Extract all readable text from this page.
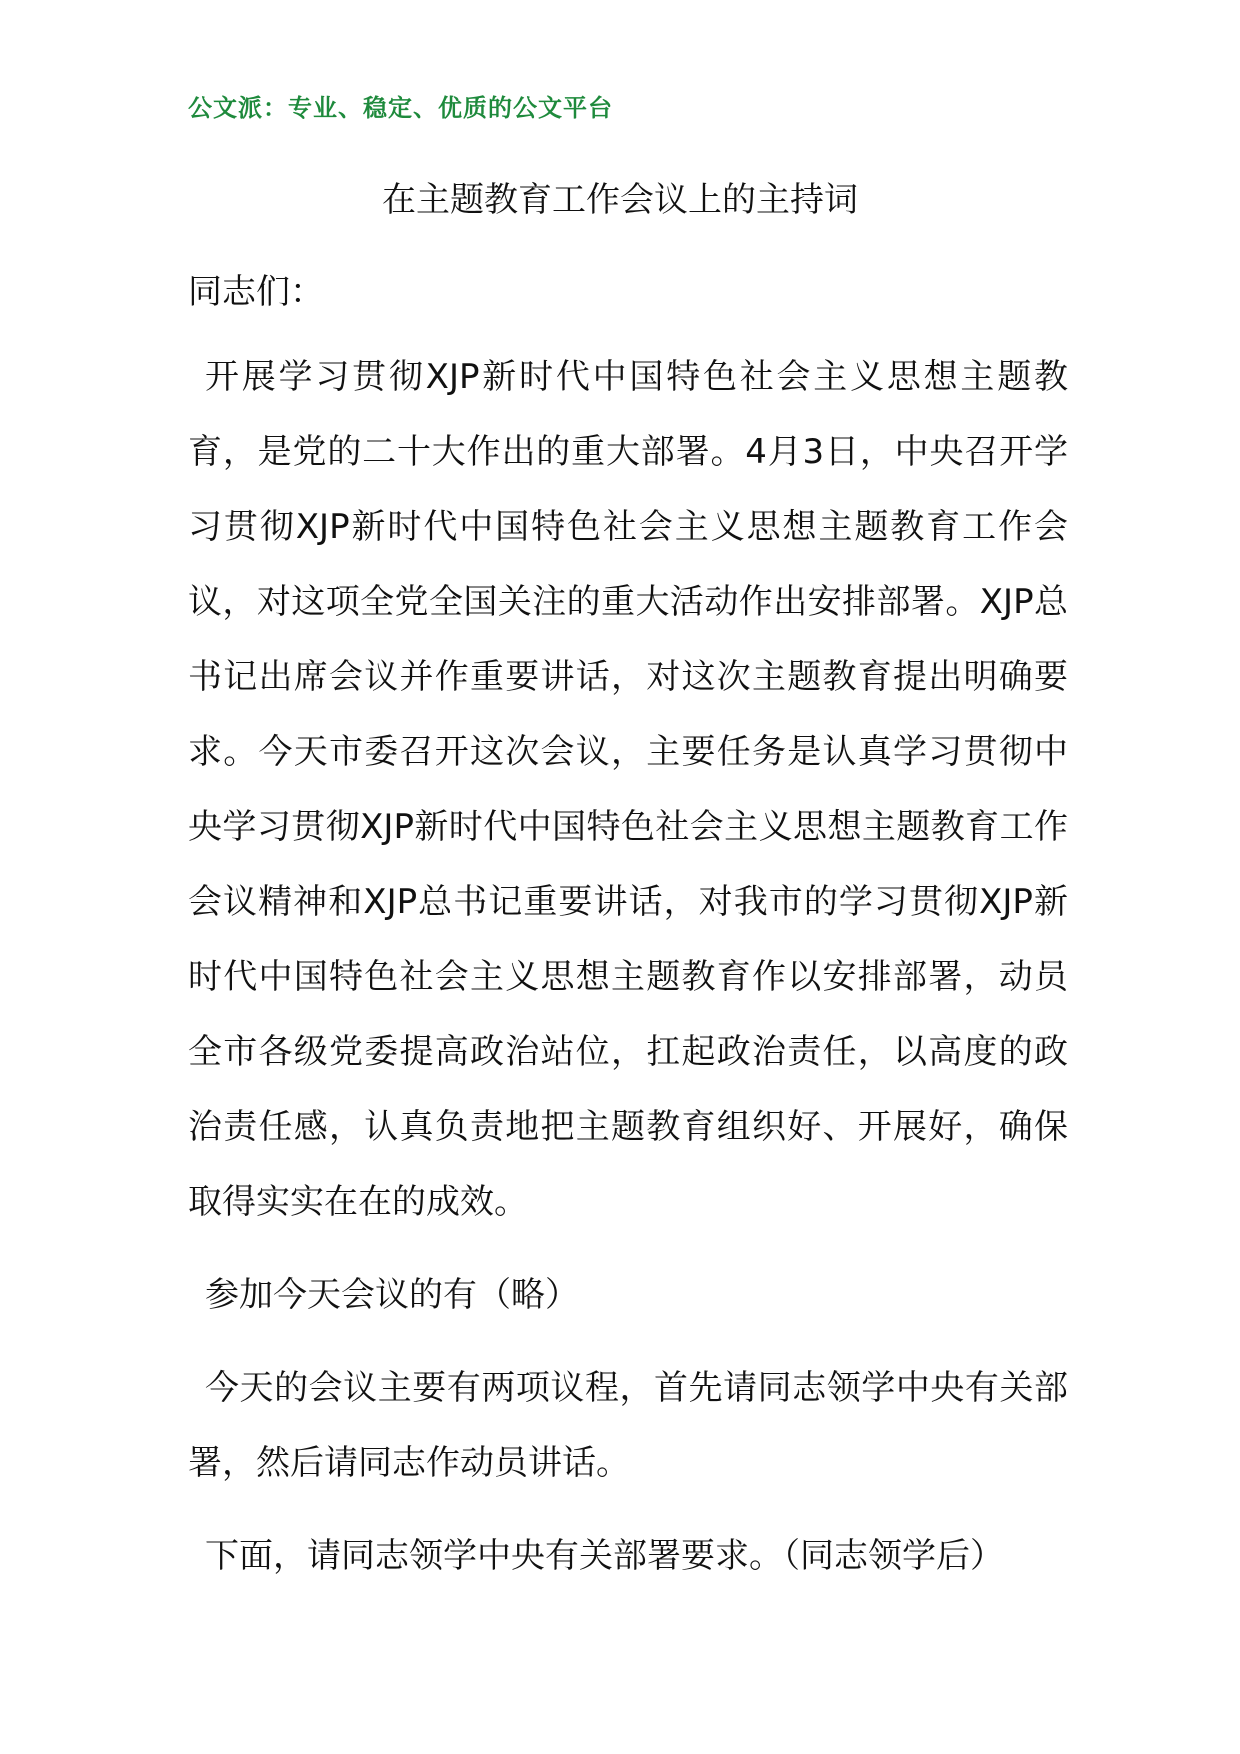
公文派：专业、稳定、优质的公文平台
在主题教育工作会议上的主持词

同志们：

开展学习贯彻XJP新时代中国特色社会主义思想主题教育，是党的二十大作出的重大部署。4月3日，中央召开学习贯彻XJP新时代中国特色社会主义思想主题教育工作会议，对这项全党全国关注的重大活动作出安排部署。XJP总书记出席会议并作重要讲话，对这次主题教育提出明确要求。今天市委召开这次会议，主要任务是认真学习贯彻中央学习贯彻XJP新时代中国特色社会主义思想主题教育工作会议精神和XJP总书记重要讲话，对我市的学习贯彻XJP新时代中国特色社会主义思想主题教育作以安排部署，动员全市各级党委提高政治站位，扛起政治责任，以高度的政治责任感，认真负责地把主题教育组织好、开展好，确保取得实实在在的成效。

参加今天会议的有（略）

今天的会议主要有两项议程，首先请同志领学中央有关部署，然后请同志作动员讲话。

下面，请同志领学中央有关部署要求。（同志领学后）
